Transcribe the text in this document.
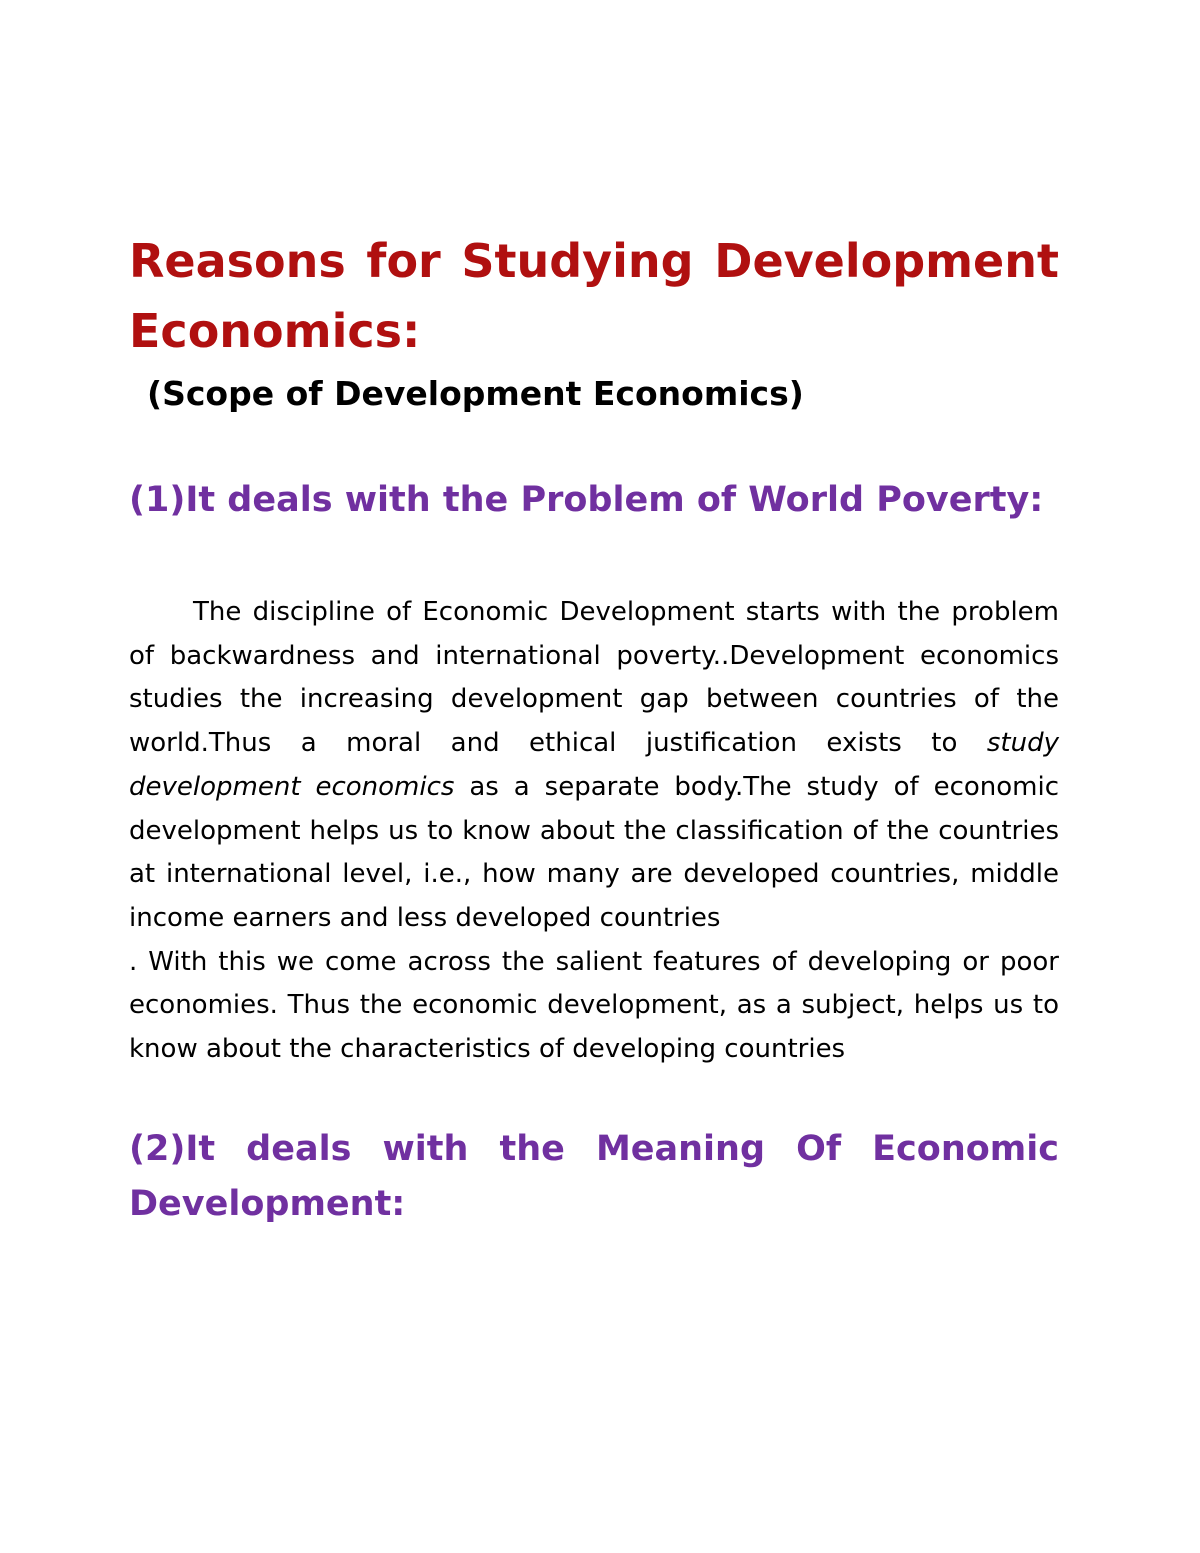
Reasons for Studying Development Economics:
(Scope of Development Economics)
(1)It deals with the Problem of World Poverty:

The discipline of Economic Development starts with the problem of backwardness and international poverty..Development economics studies the increasing development gap between countries of the world.Thus a moral and ethical justification exists to study development economics as a separate body.The study of economic development helps us to know about the classification of the countries at international level, i.e., how many are developed countries, middle income earners and less developed countries

. With this we come across the salient features of developing or poor economies. Thus the economic development, as a subject, helps us to know about the characteristics of developing countries

(2)It deals with the Meaning Of Economic Development:
